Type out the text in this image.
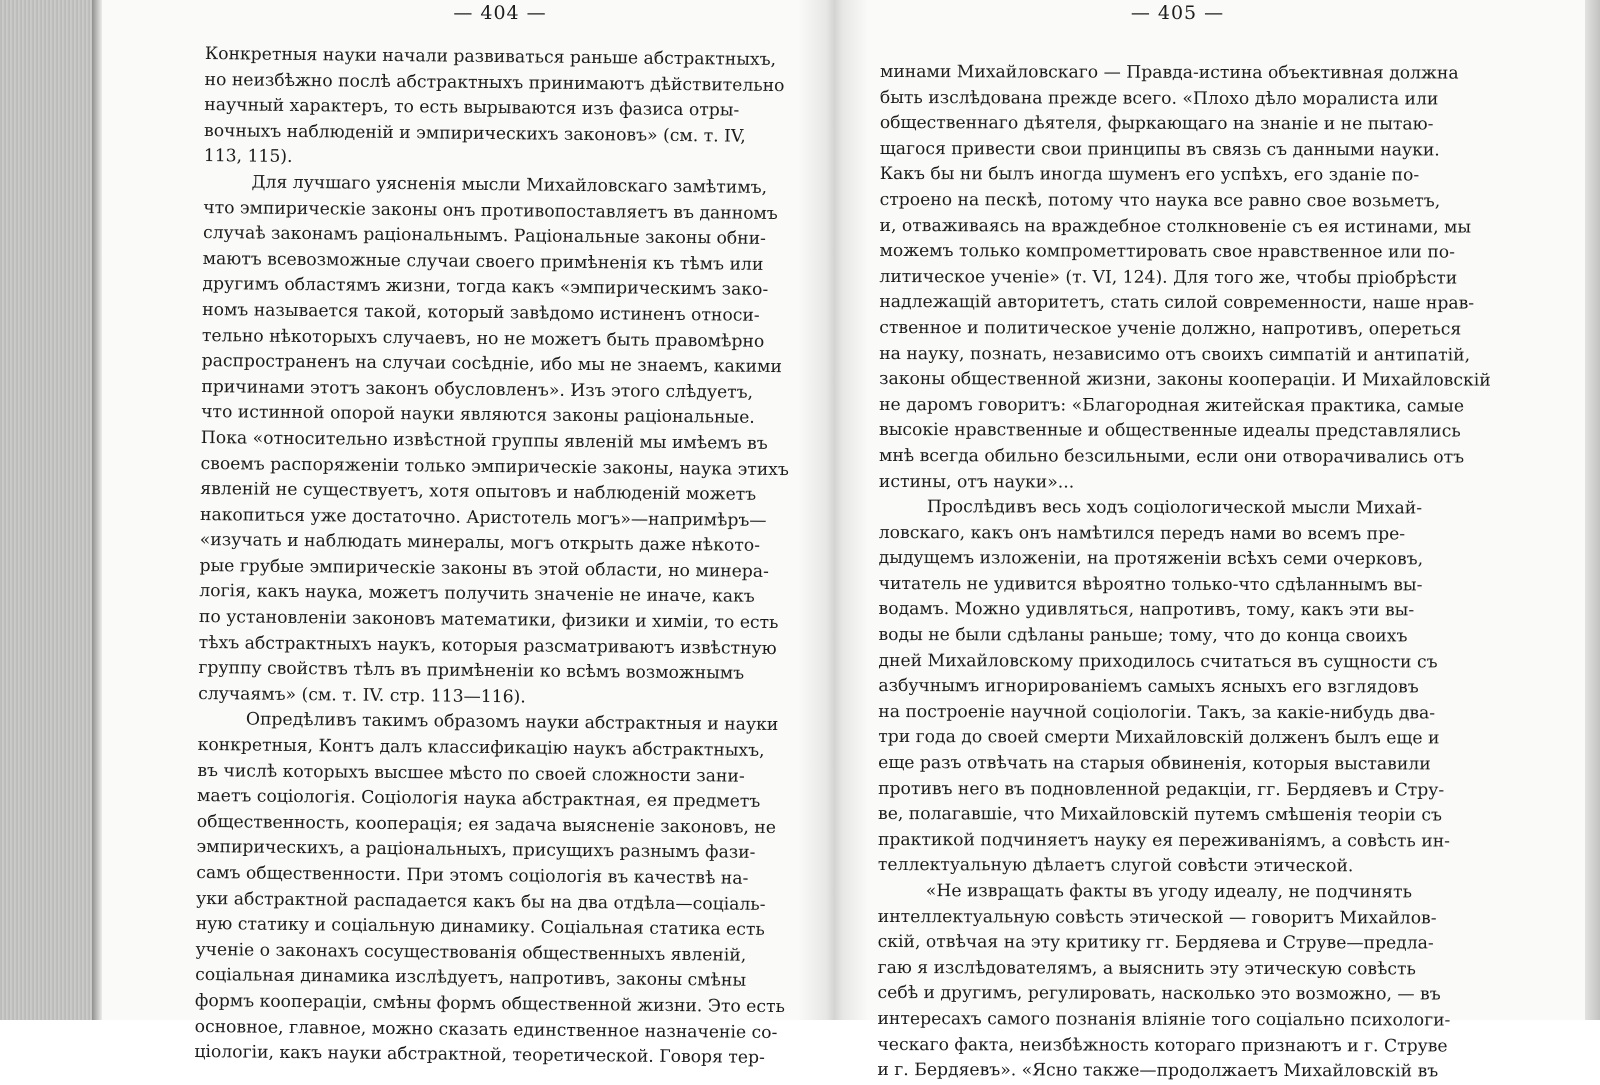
— 404 —
Конкретныя науки начали развиваться раньше абстрактныхъ,
но неизбѣжно послѣ абстрактныхъ принимаютъ дѣйствительно
научный характеръ, то есть вырываются изъ фазиса отры-
вочныхъ наблюденій и эмпирическихъ законовъ» (см. т. IV,
113, 115).
Для лучшаго уясненія мысли Михайловскаго замѣтимъ,
что эмпирическіе законы онъ противопоставляетъ въ данномъ
случаѣ законамъ раціональнымъ. Раціональные законы обни-
маютъ всевозможные случаи своего примѣненія къ тѣмъ или
другимъ областямъ жизни, тогда какъ «эмпирическимъ зако-
номъ называется такой, который завѣдомо истиненъ относи-
тельно нѣкоторыхъ случаевъ, но не можетъ быть правомѣрно
распространенъ на случаи сосѣдніе, ибо мы не знаемъ, какими
причинами этотъ законъ обусловленъ». Изъ этого слѣдуетъ,
что истинной опорой науки являются законы раціональные.
Пока «относительно извѣстной группы явленій мы имѣемъ въ
своемъ распоряженіи только эмпирическіе законы, наука этихъ
явленій не существуетъ, хотя опытовъ и наблюденій можетъ
накопиться уже достаточно. Аристотель могъ»—напримѣръ—
«изучать и наблюдать минералы, могъ открыть даже нѣкото-
рые грубые эмпирическіе законы въ этой области, но минера-
логія, какъ наука, можетъ получить значеніе не иначе, какъ
по установленіи законовъ математики, физики и химіи, то есть
тѣхъ абстрактныхъ наукъ, которыя разсматриваютъ извѣстную
группу свойствъ тѣлъ въ примѣненіи ко всѣмъ возможнымъ
случаямъ» (см. т. IV. стр. 113—116).
Опредѣливъ такимъ образомъ науки абстрактныя и науки
конкретныя, Контъ далъ классификацію наукъ абстрактныхъ,
въ числѣ которыхъ высшее мѣсто по своей сложности зани-
маетъ соціологія. Соціологія наука абстрактная, ея предметъ
общественность, кооперація; ея задача выясненіе законовъ, не
эмпирическихъ, а раціональныхъ, присущихъ разнымъ фази-
самъ общественности. При этомъ соціологія въ качествѣ на-
уки абстрактной распадается какъ бы на два отдѣла—соціаль-
ную статику и соціальную динамику. Соціальная статика есть
ученіе о законахъ сосуществованія общественныхъ явленій,
соціальная динамика изслѣдуетъ, напротивъ, законы смѣны
формъ коопераціи, смѣны формъ общественной жизни. Это есть
основное, главное, можно сказать единственное назначеніе со-
ціологіи, какъ науки абстрактной, теоретической. Говоря тер-
— 405 —
минами Михайловскаго — Правда-истина объективная должна
быть изслѣдована прежде всего. «Плохо дѣло моралиста или
общественнаго дѣятеля, фыркающаго на знаніе и не пытаю-
щагося привести свои принципы въ связь съ данными науки.
Какъ бы ни былъ иногда шуменъ его успѣхъ, его зданіе по-
строено на пескѣ, потому что наука все равно свое возьметъ,
и, отваживаясь на враждебное столкновеніе съ ея истинами, мы
можемъ только компрометтировать свое нравственное или по-
литическое ученіе» (т. VI, 124). Для того же, чтобы пріобрѣсти
надлежащій авторитетъ, стать силой современности, наше нрав-
ственное и политическое ученіе должно, напротивъ, опереться
на науку, познать, независимо отъ своихъ симпатій и антипатій,
законы общественной жизни, законы коопераціи. И Михайловскій
не даромъ говоритъ: «Благородная житейская практика, самые
высокіе нравственные и общественные идеалы представлялись
мнѣ всегда обильно безсильными, если они отворачивались отъ
истины, отъ науки»...
Прослѣдивъ весь ходъ соціологической мысли Михай-
ловскаго, какъ онъ намѣтился передъ нами во всемъ пре-
дыдущемъ изложеніи, на протяженіи всѣхъ семи очерковъ,
читатель не удивится вѣроятно только-что сдѣланнымъ вы-
водамъ. Можно удивляться, напротивъ, тому, какъ эти вы-
воды не были сдѣланы раньше; тому, что до конца своихъ
дней Михайловскому приходилось считаться въ сущности съ
азбучнымъ игнорированіемъ самыхъ ясныхъ его взглядовъ
на построеніе научной соціологіи. Такъ, за какіе-нибудь два-
три года до своей смерти Михайловскій долженъ былъ еще и
еще разъ отвѣчать на старыя обвиненія, которыя выставили
противъ него въ подновленной редакціи, гг. Бердяевъ и Стру-
ве, полагавшіе, что Михайловскій путемъ смѣшенія теоріи съ
практикой подчиняетъ науку ея переживаніямъ, а совѣсть ин-
теллектуальную дѣлаетъ слугой совѣсти этической.
«Не извращать факты въ угоду идеалу, не подчинять
интеллектуальную совѣсть этической — говоритъ Михайлов-
скій, отвѣчая на эту критику гг. Бердяева и Струве—предла-
гаю я изслѣдователямъ, а выяснить эту этическую совѣсть
себѣ и другимъ, регулировать, насколько это возможно, — въ
интересахъ самого познанія вліяніе того соціально психологи-
ческаго факта, неизбѣжность котораго признаютъ и г. Струве
и г. Бердяевъ». «Ясно также—продолжаетъ Михайловскій въ
